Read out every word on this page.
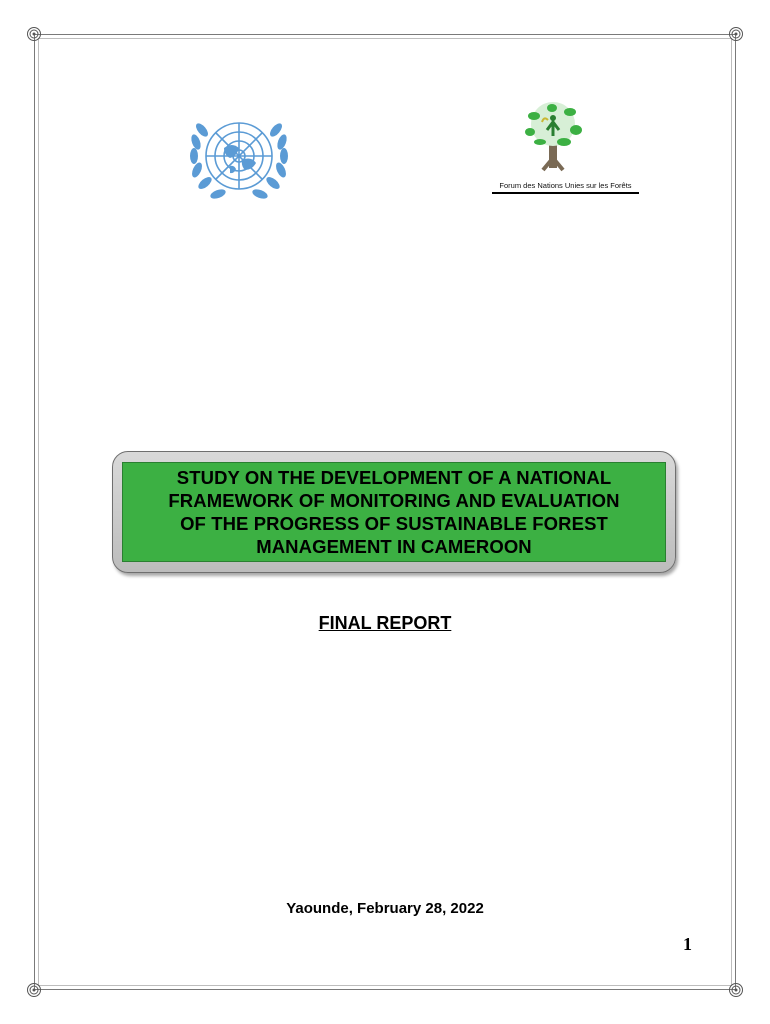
Forum des Nations Unies sur les Forêts
STUDY ON THE DEVELOPMENT OF A NATIONAL
FRAMEWORK OF MONITORING AND EVALUATION
OF THE PROGRESS OF SUSTAINABLE FOREST
MANAGEMENT IN CAMEROON
FINAL REPORT
Yaounde, February 28, 2022
1
